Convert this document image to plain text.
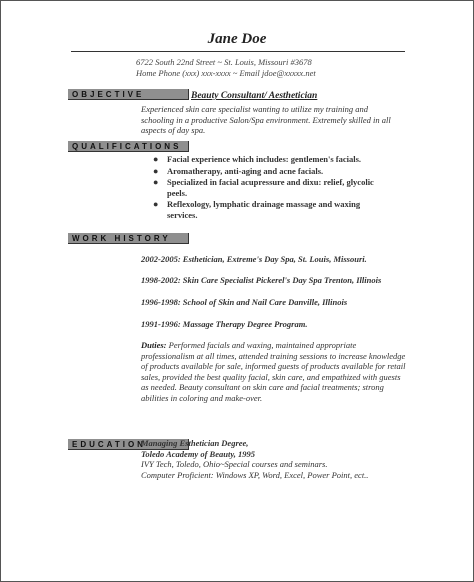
Jane Doe
6722 South 22nd Street ~ St. Louis, Missouri #3678
Home Phone (xxx) xxx-xxxx ~ Email jdoe@xxxxx.net
OBJECTIVE	Beauty Consultant/ Aesthetician
Experienced skin care specialist wanting to utilize my training and schooling in a productive Salon/Spa environment. Extremely skilled in all aspects of day spa.
QUALIFICATIONS
● Facial experience which includes: gentlemen's facials.
● Aromatherapy, anti-aging and acne facials.
● Specialized in facial acupressure and dixu: relief, glycolic peels.
● Reflexology, lymphatic drainage massage and waxing services.
WORK HISTORY
2002-2005: Esthetician, Extreme's Day Spa, St. Louis, Missouri.
1998-2002: Skin Care Specialist Pickerel's Day Spa Trenton, Illinois
1996-1998: School of Skin and Nail Care Danville, Illinois
1991-1996: Massage Therapy Degree Program.
Duties: Performed facials and waxing, maintained appropriate professionalism at all times, attended training sessions to increase knowledge of products available for sale, informed guests of products available for retail sales, provided the best quality facial, skin care, and empathized with guests as needed. Beauty consultant on skin care and facial treatments; strong abilities in coloring and make-over.
EDUCATION
Managing Esthetician Degree,
Toledo Academy of Beauty, 1995
IVY Tech, Toledo, Ohio~Special courses and seminars.
Computer Proficient: Windows XP, Word, Excel, Power Point, ect..
